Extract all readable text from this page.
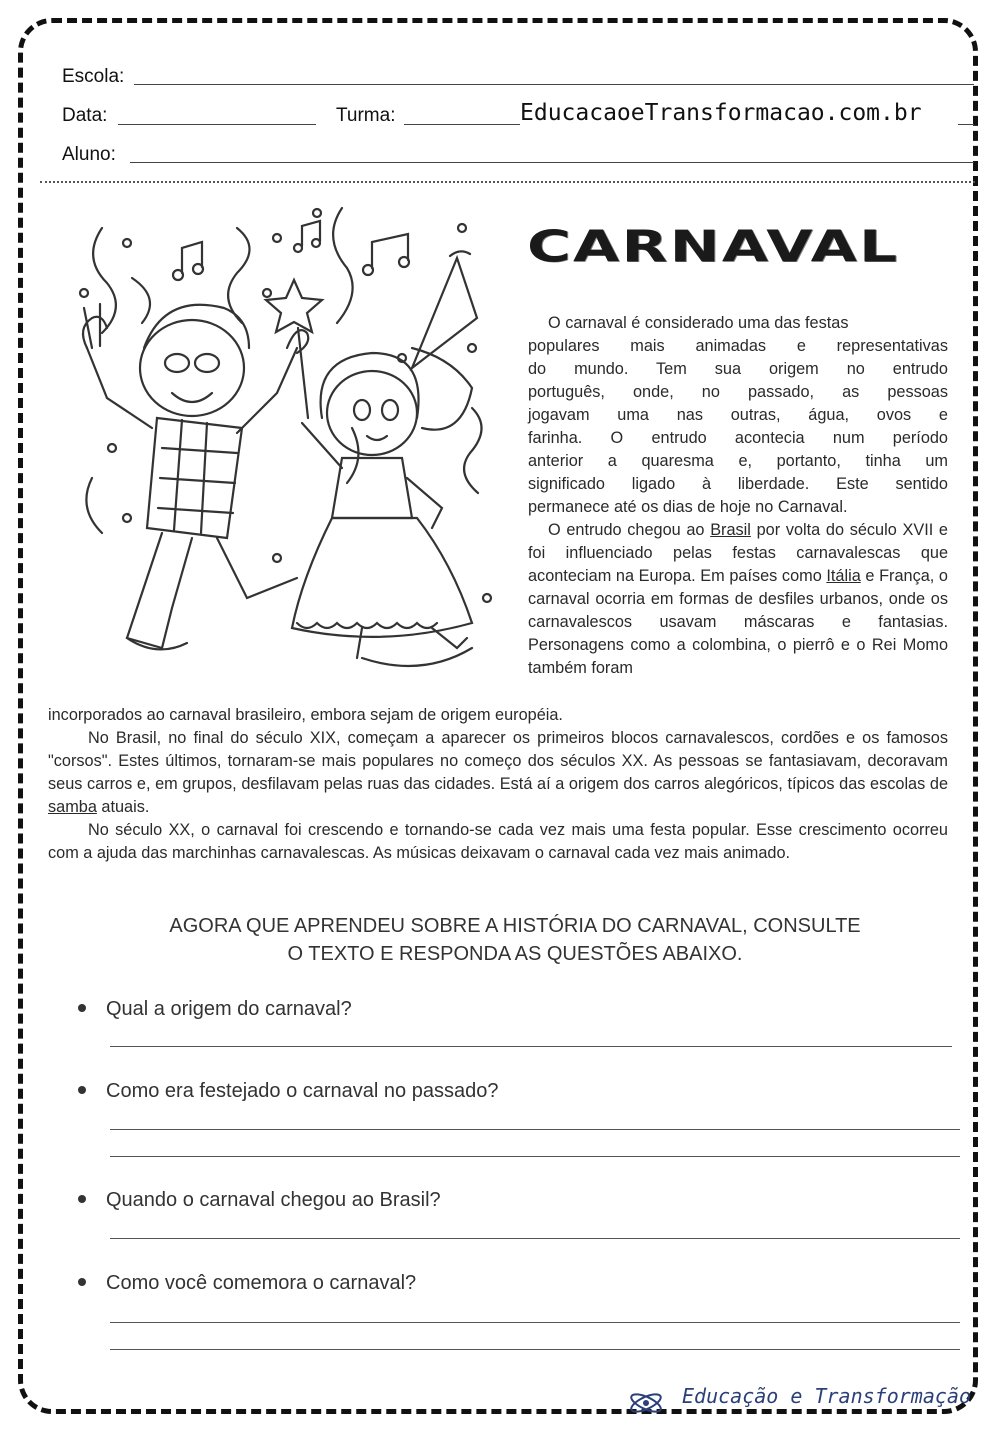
Escola:
Data:	Turma:	EducacaoeTransformacao.com.br
Aluno:
CARNAVAL
O carnaval é considerado uma das festas
populares mais animadas e representativas
do mundo. Tem sua origem no entrudo
português, onde, no passado, as pessoas
jogavam uma nas outras, água, ovos e
farinha. O entrudo acontecia num período
anterior a quaresma e, portanto, tinha um
significado ligado à liberdade. Este sentido
permanece até os dias de hoje no Carnaval.

O entrudo chegou ao Brasil por volta do século XVII e foi influenciado pelas festas carnavalescas que aconteciam na Europa. Em países como Itália e França, o carnaval ocorria em formas de desfiles urbanos, onde os carnavalescos usavam máscaras e fantasias. Personagens como a colombina, o pierrô e o Rei Momo também foram

incorporados ao carnaval brasileiro, embora sejam de origem européia.

No Brasil, no final do século XIX, começam a aparecer os primeiros blocos carnavalescos, cordões e os famosos "corsos". Estes últimos, tornaram-se mais populares no começo dos séculos XX. As pessoas se fantasiavam, decoravam seus carros e, em grupos, desfilavam pelas ruas das cidades. Está aí a origem dos carros alegóricos, típicos das escolas de samba atuais.

No século XX, o carnaval foi crescendo e tornando-se cada vez mais uma festa popular. Esse crescimento ocorreu com a ajuda das marchinhas carnavalescas. As músicas deixavam o carnaval cada vez mais animado.

AGORA QUE APRENDEU SOBRE A HISTÓRIA DO CARNAVAL, CONSULTE
O TEXTO E RESPONDA AS QUESTÕES ABAIXO.
Qual a origem do carnaval?
Como era festejado o carnaval no passado?
Quando o carnaval chegou ao Brasil?
Como você comemora o carnaval?
Educação e Transformação
